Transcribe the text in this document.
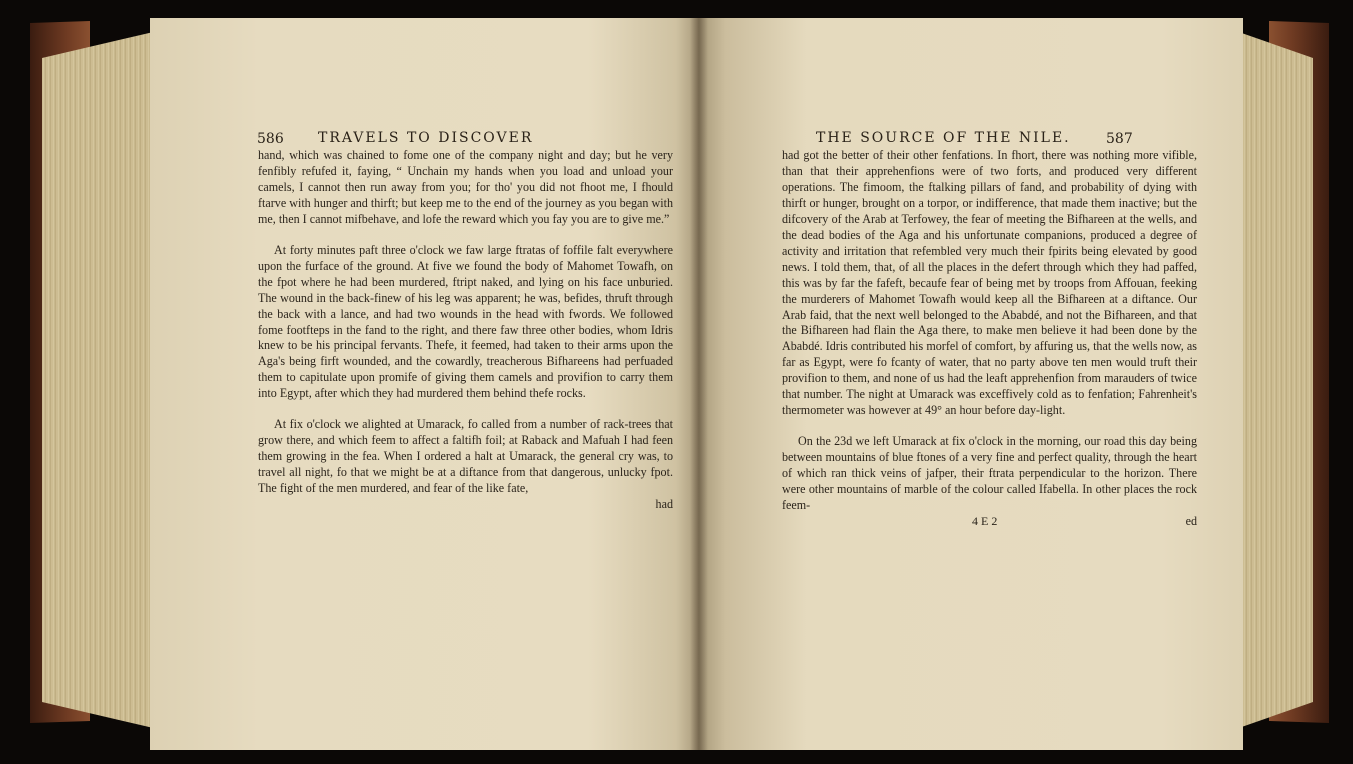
586 TRAVELS TO DISCOVER

hand, which was chained to fome one of the company night and day; but he very fenfibly refufed it, faying, “ Unchain my hands when you load and unload your camels, I cannot then run away from you; for tho' you did not fhoot me, I fhould ftarve with hunger and thirft; but keep me to the end of the journey as you began with me, then I cannot mifbehave, and lofe the reward which you fay you are to give me.”

At forty minutes paft three o'clock we faw large ftratas of foffile falt everywhere upon the furface of the ground. At five we found the body of Mahomet Towafh, on the fpot where he had been murdered, ftript naked, and lying on his face unburied. The wound in the back-finew of his leg was apparent; he was, befides, thruft through the back with a lance, and had two wounds in the head with fwords. We followed fome footfteps in the fand to the right, and there faw three other bodies, whom Idris knew to be his principal fervants. Thefe, it feemed, had taken to their arms upon the Aga's being firft wounded, and the cowardly, treacherous Bifhareens had perfuaded them to capitulate upon promife of giving them camels and provifion to carry them into Egypt, after which they had murdered them behind thefe rocks.

At fix o'clock we alighted at Umarack, fo called from a number of rack-trees that grow there, and which feem to affect a faltifh foil; at Raback and Mafuah I had feen them growing in the fea. When I ordered a halt at Umarack, the general cry was, to travel all night, fo that we might be at a diftance from that dangerous, unlucky fpot. The fight of the men murdered, and fear of the like fate,

had
THE SOURCE OF THE NILE.	587

had got the better of their other fenfations. In fhort, there was nothing more vifible, than that their apprehenfions were of two forts, and produced very different operations. The fimoom, the ftalking pillars of fand, and probability of dying with thirft or hunger, brought on a torpor, or indifference, that made them inactive; but the difcovery of the Arab at Terfowey, the fear of meeting the Bifhareen at the wells, and the dead bodies of the Aga and his unfortunate companions, produced a degree of activity and irritation that refembled very much their fpirits being elevated by good news. I told them, that, of all the places in the defert through which they had paffed, this was by far the fafeft, becaufe fear of being met by troops from Affouan, feeking the murderers of Mahomet Towafh would keep all the Bifhareen at a diftance. Our Arab faid, that the next well belonged to the Ababdé, and not the Bifhareen, and that the Bifhareen had flain the Aga there, to make men believe it had been done by the Ababdé. Idris contributed his morfel of comfort, by affuring us, that the wells now, as far as Egypt, were fo fcanty of water, that no party above ten men would truft their provifion to them, and none of us had the leaft apprehenfion from marauders of twice that number. The night at Umarack was exceffively cold as to fenfation; Fahrenheit's thermometer was however at 49° an hour before day-light.

On the 23d we left Umarack at fix o'clock in the morning, our road this day being between mountains of blue ftones of a very fine and perfect quality, through the heart of which ran thick veins of jafper, their ftrata perpendicular to the horizon. There were other mountains of marble of the colour called Ifabella. In other places the rock feem-

4 E 2	ed
